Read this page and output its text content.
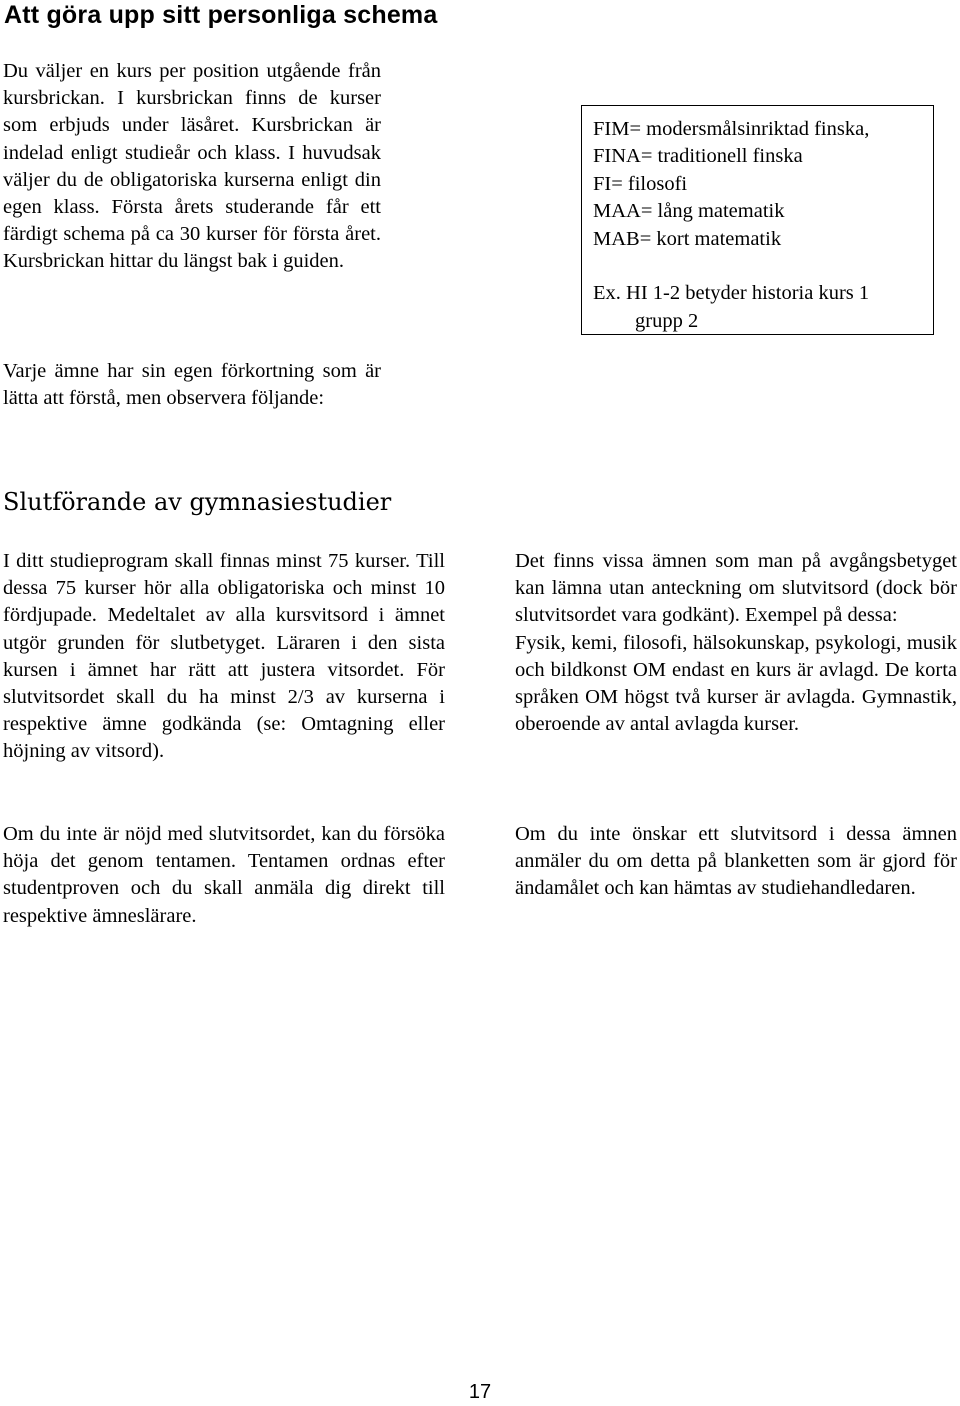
Att göra upp sitt personliga schema

Du väljer en kurs per position utgående från kursbrickan. I kursbrickan finns de kurser som erbjuds under läsåret. Kursbrickan är indelad enligt studieår och klass. I huvudsak väljer du de obligatoriska kurserna enligt din egen klass. Första årets studerande får ett färdigt schema på ca 30 kurser för första året. Kursbrickan hittar du längst bak i guiden.

Varje ämne har sin egen förkortning som är lätta att förstå, men observera följande:

FIM= modersmålsinriktad finska,
FINA= traditionell finska
FI= filosofi
MAA= lång matematik
MAB= kort matematik
Ex. HI 1-2 betyder historia kurs 1
grupp 2
Slutförande av gymnasiestudier

I ditt studieprogram skall finnas minst 75 kurser. Till dessa 75 kurser hör alla obligatoriska och minst 10 fördjupade. Medeltalet av alla kursvitsord i ämnet utgör grunden för slutbetyget. Läraren i den sista kursen i ämnet har rätt att justera vitsordet. För slutvitsordet skall du ha minst 2/3 av kurserna i respektive ämne godkända (se: Omtagning eller höjning av vitsord).

Om du inte är nöjd med slutvitsordet, kan du försöka höja det genom tentamen. Tentamen ordnas efter studentproven och du skall anmäla dig direkt till respektive ämneslärare.

Det finns vissa ämnen som man på avgångsbetyget kan lämna utan anteckning om slutvitsord (dock bör slutvitsordet vara godkänt). Exempel på dessa:
Fysik, kemi, filosofi, hälsokunskap, psykologi, musik och bildkonst OM endast en kurs är avlagd. De korta språken OM högst två kurser är avlagda. Gymnastik, oberoende av antal avlagda kurser.

Om du inte önskar ett slutvitsord i dessa ämnen anmäler du om detta på blanketten som är gjord för ändamålet och kan hämtas av studiehandledaren.

17
